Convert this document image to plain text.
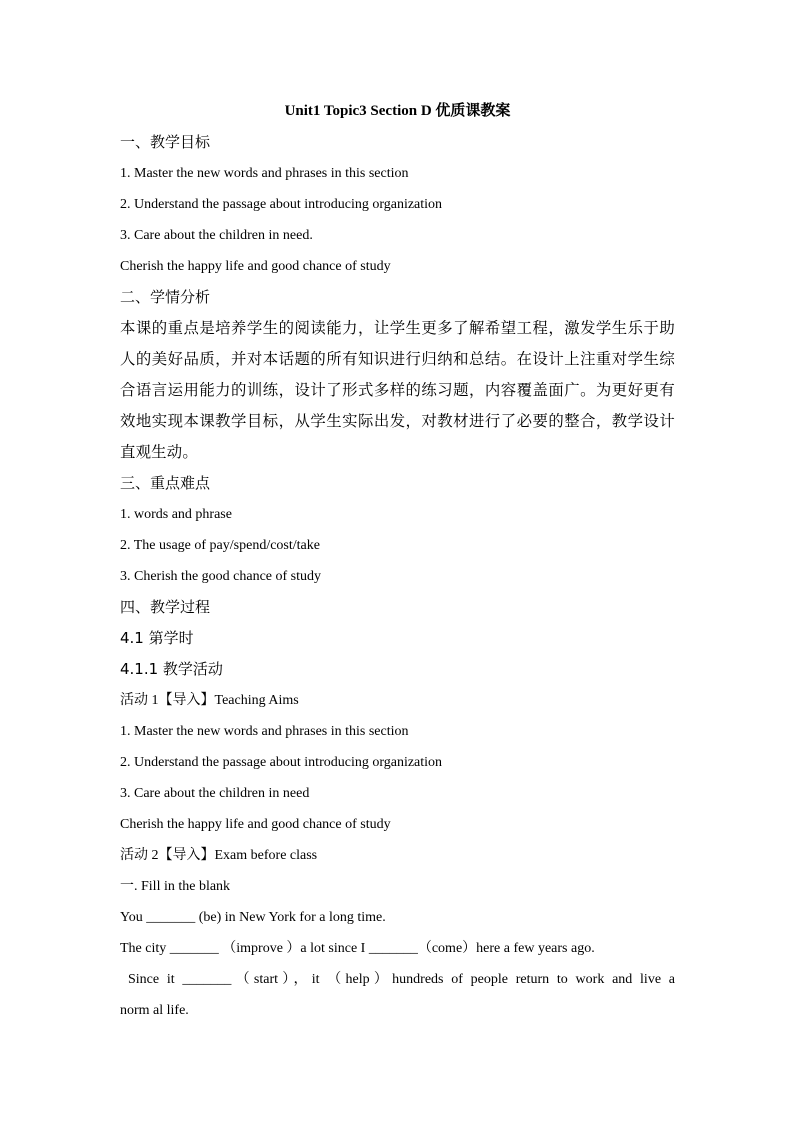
Unit1 Topic3 Section D 优质课教案
一、教学目标
1. Master the new words and phrases in this section
2. Understand the passage about introducing organization
3. Care about the children in need.
Cherish the happy life and good chance of study
二、学情分析
本课的重点是培养学生的阅读能力，让学生更多了解希望工程，激发学生乐于助人的美好品质，并对本话题的所有知识进行归纳和总结。在设计上注重对学生综合语言运用能力的训练，设计了形式多样的练习题，内容覆盖面广。为更好更有效地实现本课教学目标，从学生实际出发，对教材进行了必要的整合，教学设计直观生动。
三、重点难点
1. words and phrase
2. The usage of pay/spend/cost/take
3. Cherish the good chance of study
四、教学过程
4.1 第学时
4.1.1 教学活动
活动 1【导入】Teaching Aims
1. Master the new words and phrases in this section
2. Understand the passage about introducing organization
3. Care about the children in need
Cherish the happy life and good chance of study
活动 2【导入】Exam before class
一. Fill in the blank
You _______ (be) in New York for a long time.
The city _______ （improve ）a lot since I _______（come）here a few years ago.
Since it _______（start），it （help）hundreds of people return to work and live a
norm al life.
